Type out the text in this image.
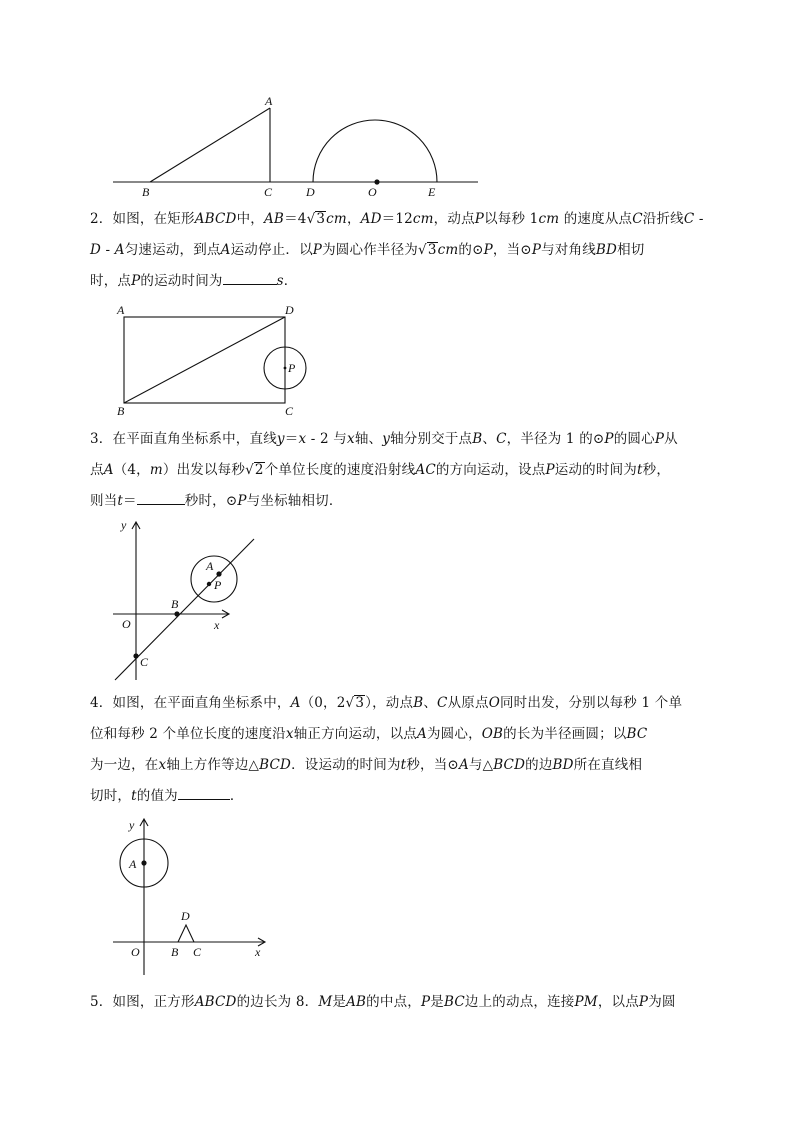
A
B	C	D	O	E
2．如图，在矩形ABCD中，AB＝4√3cm，AD＝12cm，动点P以每秒 1cm 的速度从点C沿折线C -
D - A匀速运动，到点A运动停止．以P为圆心作半径为√3cm的⊙P，当⊙P与对角线BD相切
时，点P的运动时间为	s．
A	D
B	C
P
3．在平面直角坐标系中，直线y＝x - 2 与x轴、y轴分别交于点B、C，半径为 1 的⊙P的圆心P从
点A（4，m）出发以每秒√2个单位长度的速度沿射线AC的方向运动，设点P运动的时间为t秒，
则当t＝	秒时，⊙P与坐标轴相切．
y
A
P
B
O	x
C
4．如图，在平面直角坐标系中，A（0，2√3），动点B、C从原点O同时出发，分别以每秒 1 个单
位和每秒 2 个单位长度的速度沿x轴正方向运动，以点A为圆心，OB的长为半径画圆；以BC
为一边，在x轴上方作等边△BCD．设运动的时间为t秒，当⊙A与△BCD的边BD所在直线相
切时，t的值为	．
y
A
D
O	B C	x
5．如图，正方形ABCD的边长为 8．M是AB的中点，P是BC边上的动点，连接PM，以点P为圆
